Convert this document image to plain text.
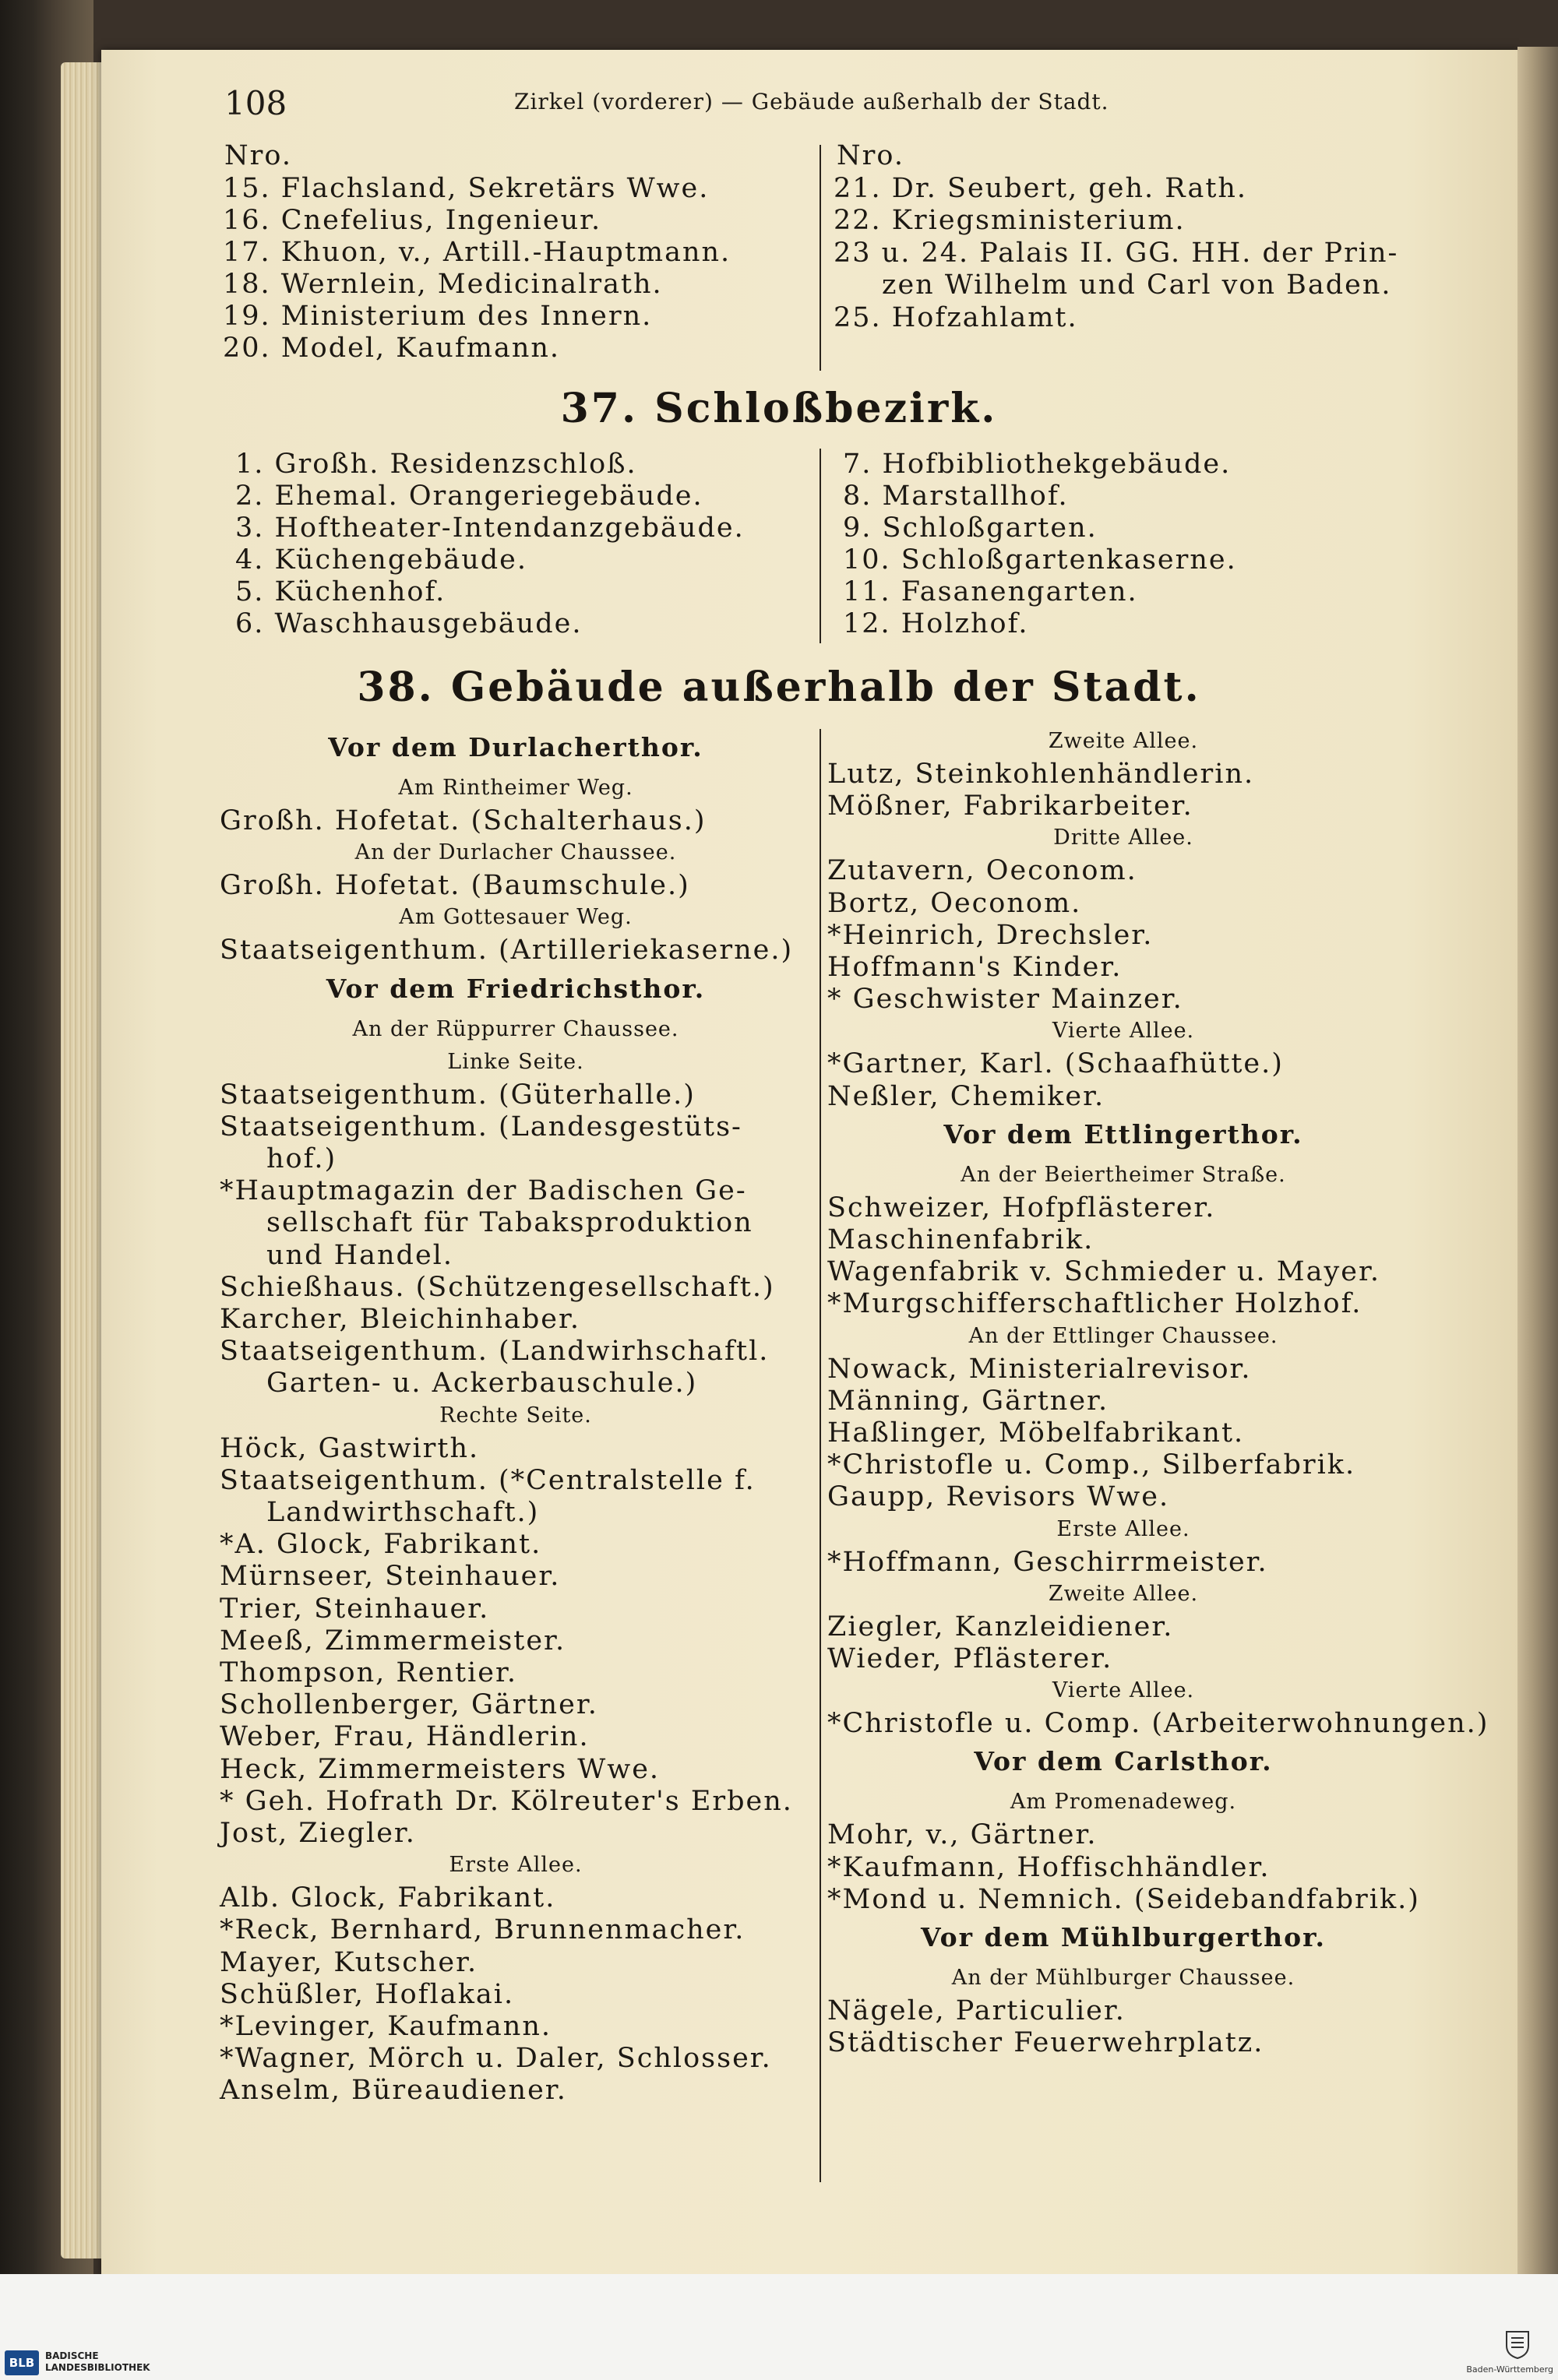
108	Zirkel (vorderer) — Gebäude außerhalb der Stadt.
Nro.	Nro.
15. Flachsland, Sekretärs Wwe.
16. Cnefelius, Ingenieur.
17. Khuon, v., Artill.-Hauptmann.
18. Wernlein, Medicinalrath.
19. Ministerium des Innern.
20. Model, Kaufmann.
21. Dr. Seubert, geh. Rath.
22. Kriegsministerium.
23 u. 24. Palais II. GG. HH. der Prin-
zen Wilhelm und Carl von Baden.
25. Hofzahlamt.
37. Schloßbezirk.
1. Großh. Residenzschloß.
2. Ehemal. Orangeriegebäude.
3. Hoftheater-Intendanzgebäude.
4. Küchengebäude.
5. Küchenhof.
6. Waschhausgebäude.
7. Hofbibliothekgebäude.
8. Marstallhof.
9. Schloßgarten.
10. Schloßgartenkaserne.
11. Fasanengarten.
12. Holzhof.
38. Gebäude außerhalb der Stadt.
Vor dem Durlacherthor.
Am Rintheimer Weg.
Großh. Hofetat. (Schalterhaus.)
An der Durlacher Chaussee.
Großh. Hofetat. (Baumschule.)
Am Gottesauer Weg.
Staatseigenthum. (Artilleriekaserne.)
Vor dem Friedrichsthor.
An der Rüppurrer Chaussee.
Linke Seite.
Staatseigenthum. (Güterhalle.)
Staatseigenthum. (Landesgestüts-
hof.)
*Hauptmagazin der Badischen Ge-
sellschaft für Tabaksproduktion
und Handel.
Schießhaus. (Schützengesellschaft.)
Karcher, Bleichinhaber.
Staatseigenthum. (Landwirhschaftl.
Garten- u. Ackerbauschule.)
Rechte Seite.
Höck, Gastwirth.
Staatseigenthum. (*Centralstelle f.
Landwirthschaft.)
*A. Glock, Fabrikant.
Mürnseer, Steinhauer.
Trier, Steinhauer.
Meeß, Zimmermeister.
Thompson, Rentier.
Schollenberger, Gärtner.
Weber, Frau, Händlerin.
Heck, Zimmermeisters Wwe.
* Geh. Hofrath Dr. Kölreuter's Erben.
Jost, Ziegler.
Erste Allee.
Alb. Glock, Fabrikant.
*Reck, Bernhard, Brunnenmacher.
Mayer, Kutscher.
Schüßler, Hoflakai.
*Levinger, Kaufmann.
*Wagner, Mörch u. Daler, Schlosser.
Anselm, Büreaudiener.
Zweite Allee.
Lutz, Steinkohlenhändlerin.
Mößner, Fabrikarbeiter.
Dritte Allee.
Zutavern, Oeconom.
Bortz, Oeconom.
*Heinrich, Drechsler.
Hoffmann's Kinder.
* Geschwister Mainzer.
Vierte Allee.
*Gartner, Karl. (Schaafhütte.)
Neßler, Chemiker.
Vor dem Ettlingerthor.
An der Beiertheimer Straße.
Schweizer, Hofpflästerer.
Maschinenfabrik.
Wagenfabrik v. Schmieder u. Mayer.
*Murgschifferschaftlicher Holzhof.
An der Ettlinger Chaussee.
Nowack, Ministerialrevisor.
Männing, Gärtner.
Haßlinger, Möbelfabrikant.
*Christofle u. Comp., Silberfabrik.
Gaupp, Revisors Wwe.
Erste Allee.
*Hoffmann, Geschirrmeister.
Zweite Allee.
Ziegler, Kanzleidiener.
Wieder, Pflästerer.
Vierte Allee.
*Christofle u. Comp. (Arbeiterwohnungen.)
Vor dem Carlsthor.
Am Promenadeweg.
Mohr, v., Gärtner.
*Kaufmann, Hoffischhändler.
*Mond u. Nemnich. (Seidebandfabrik.)
Vor dem Mühlburgerthor.
An der Mühlburger Chaussee.
Nägele, Particulier.
Städtischer Feuerwehrplatz.
BLB	BADISCHE
LANDESBIBLIOTHEK	Baden-Württemberg
